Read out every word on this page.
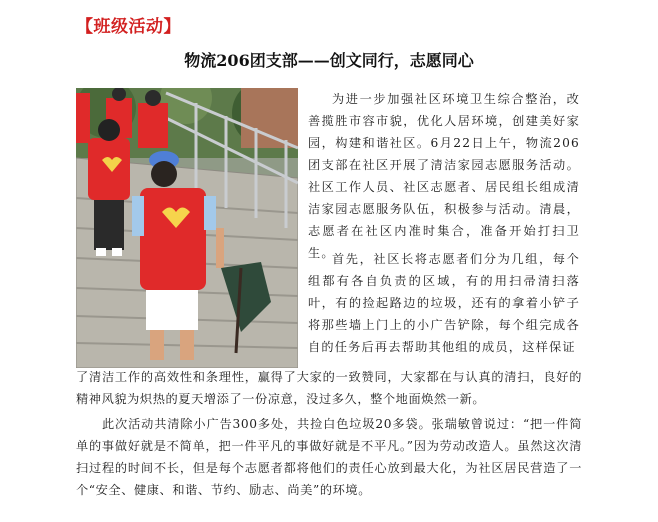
【班级活动】
物流206团支部——创文同行，志愿同心

为进一步加强社区环境卫生综合整治，改善揽胜市容市貌，优化人居环境，创建美好家园，构建和谐社区。6月22日上午，物流206团支部在社区开展了清洁家园志愿服务活动。社区工作人员、社区志愿者、居民组长组成清洁家园志愿服务队伍，积极参与活动。清晨，志愿者在社区内准时集合，准备开始打扫卫生。

首先，社区长将志愿者们分为几组，每个组都有各自负责的区域，有的用扫帚清扫落叶，有的捡起路边的垃圾，还有的拿着小铲子将那些墙上门上的小广告铲除，每个组完成各自的任务后再去帮助其他组的成员，这样保证

了清洁工作的高效性和条理性，赢得了大家的一致赞同，大家都在与认真的清扫，良好的精神风貌为炽热的夏天增添了一份凉意，没过多久，整个地面焕然一新。

此次活动共清除小广告300多处，共捡白色垃圾20多袋。张瑞敏曾说过：“把一件简单的事做好就是不简单，把一件平凡的事做好就是不平凡。”因为劳动改造人。虽然这次清扫过程的时间不长，但是每个志愿者都将他们的责任心放到最大化，为社区居民营造了一个“安全、健康、和谐、节约、励志、尚美”的环境。
